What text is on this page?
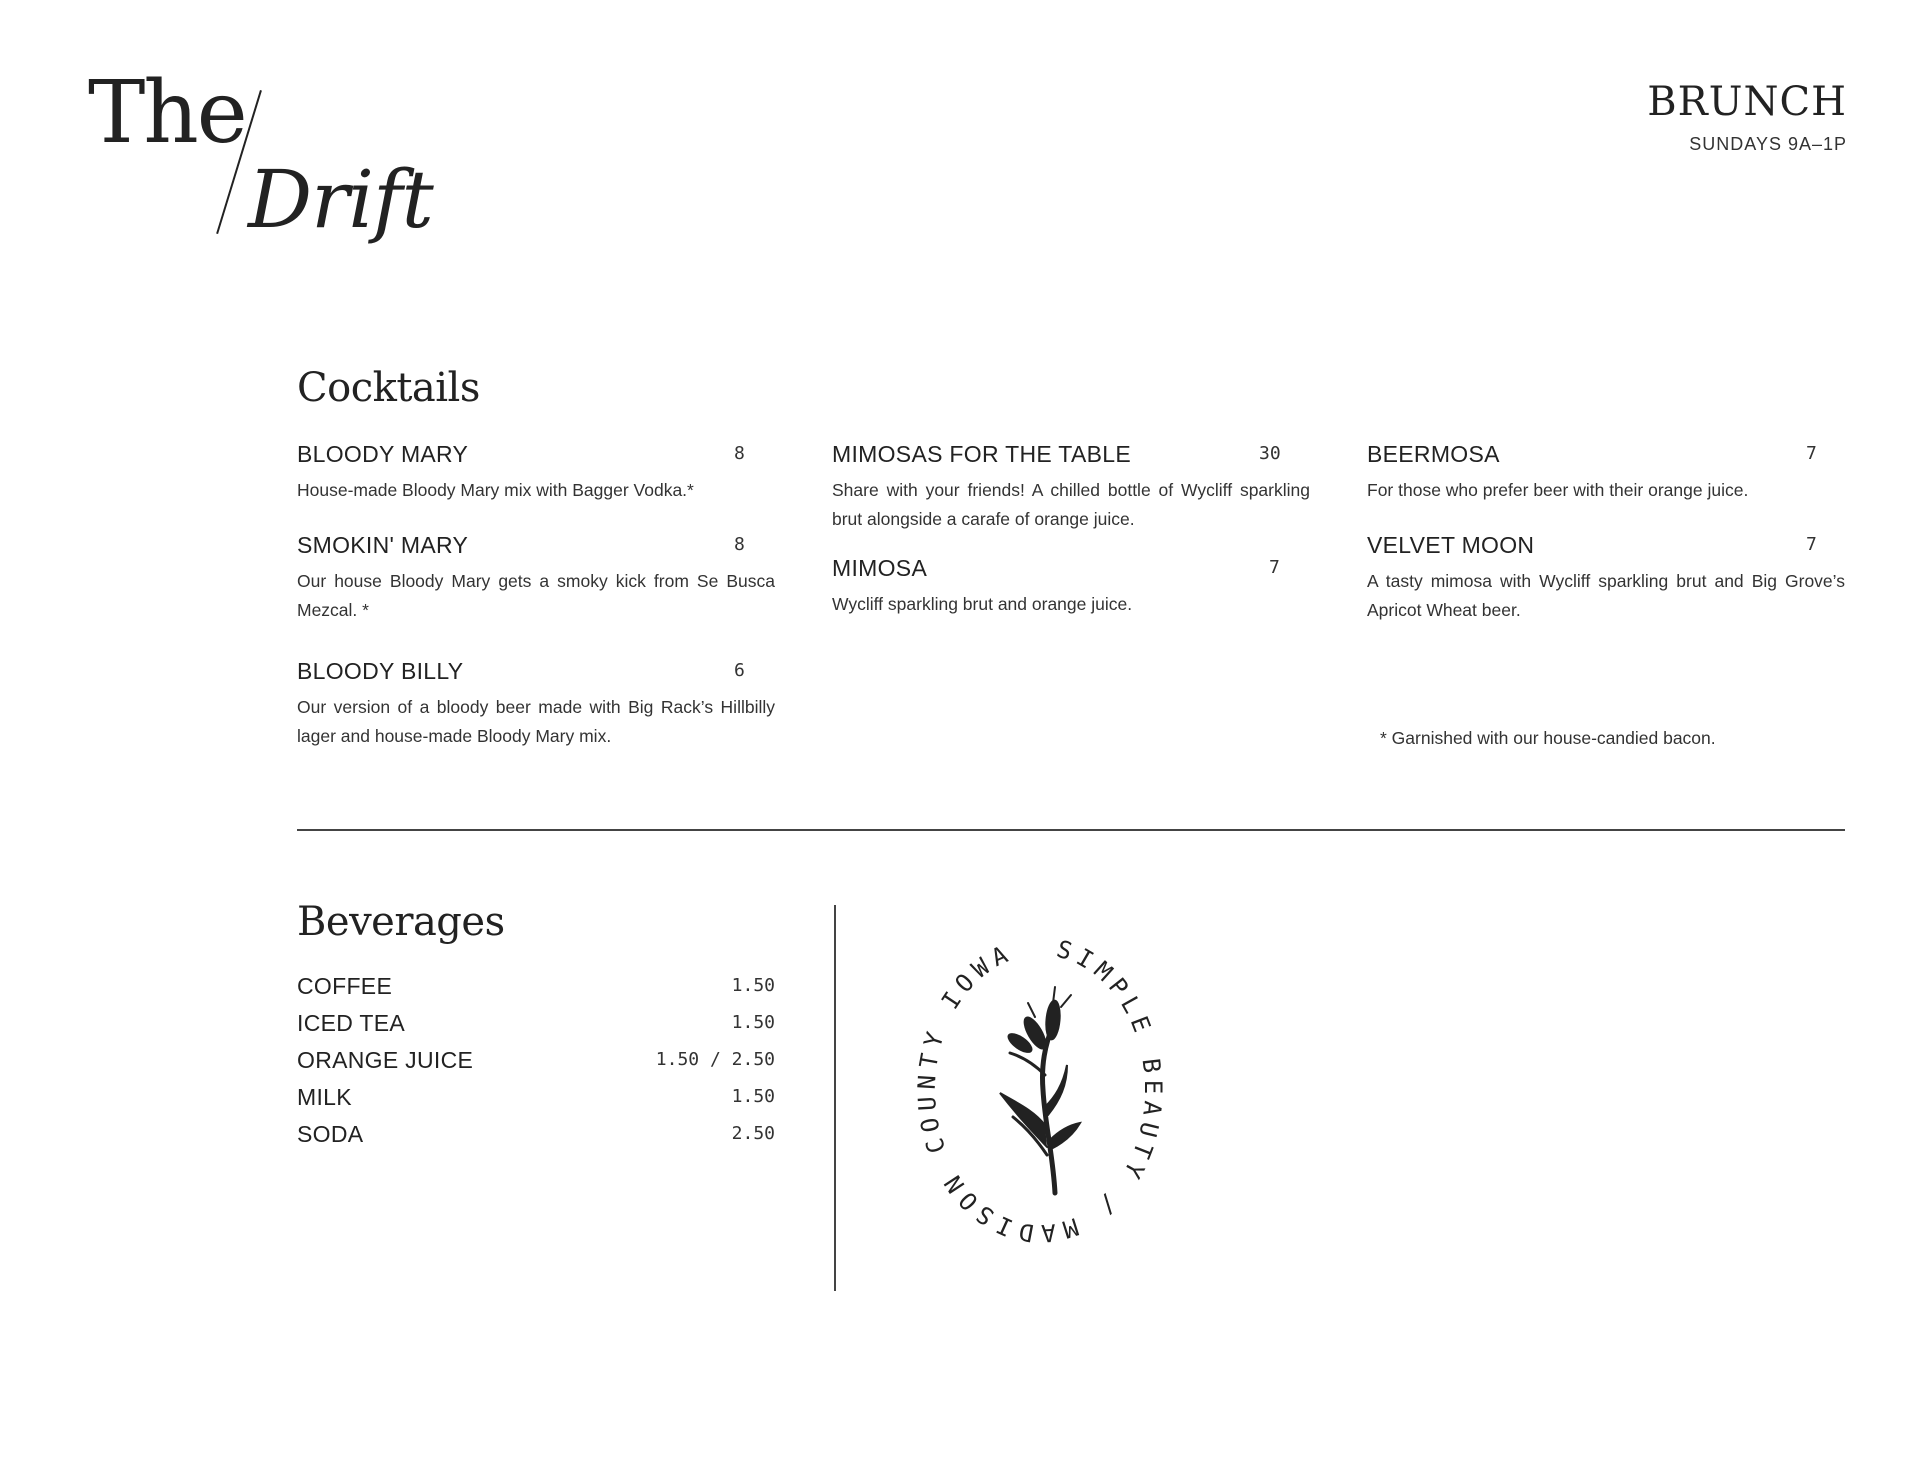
The
Drift
BRUNCH
SUNDAYS 9A–1P
Cocktails
BLOODY MARY	8
House-made Bloody Mary mix with Bagger Vodka.*
SMOKIN' MARY	8
Our house Bloody Mary gets a smoky kick from Se Busca Mezcal. *
BLOODY BILLY	6
Our version of a bloody beer made with Big Rack’s Hillbilly lager and house-made Bloody Mary mix.
MIMOSAS FOR THE TABLE	30
Share with your friends! A chilled bottle of Wycliff sparkling brut alongside a carafe of orange juice.
MIMOSA	7
Wycliff sparkling brut and orange juice.
BEERMOSA	7
For those who prefer beer with their orange juice.
VELVET MOON	7
A tasty mimosa with Wycliff sparkling brut and Big Grove’s Apricot Wheat beer.
* Garnished with our house-candied bacon.
Beverages
COFFEE	1.50
ICED TEA	1.50
ORANGE JUICE	1.50 / 2.50
MILK	1.50
SODA	2.50
SIMPLE BEAUTY / MADISON COUNTY IOWA
